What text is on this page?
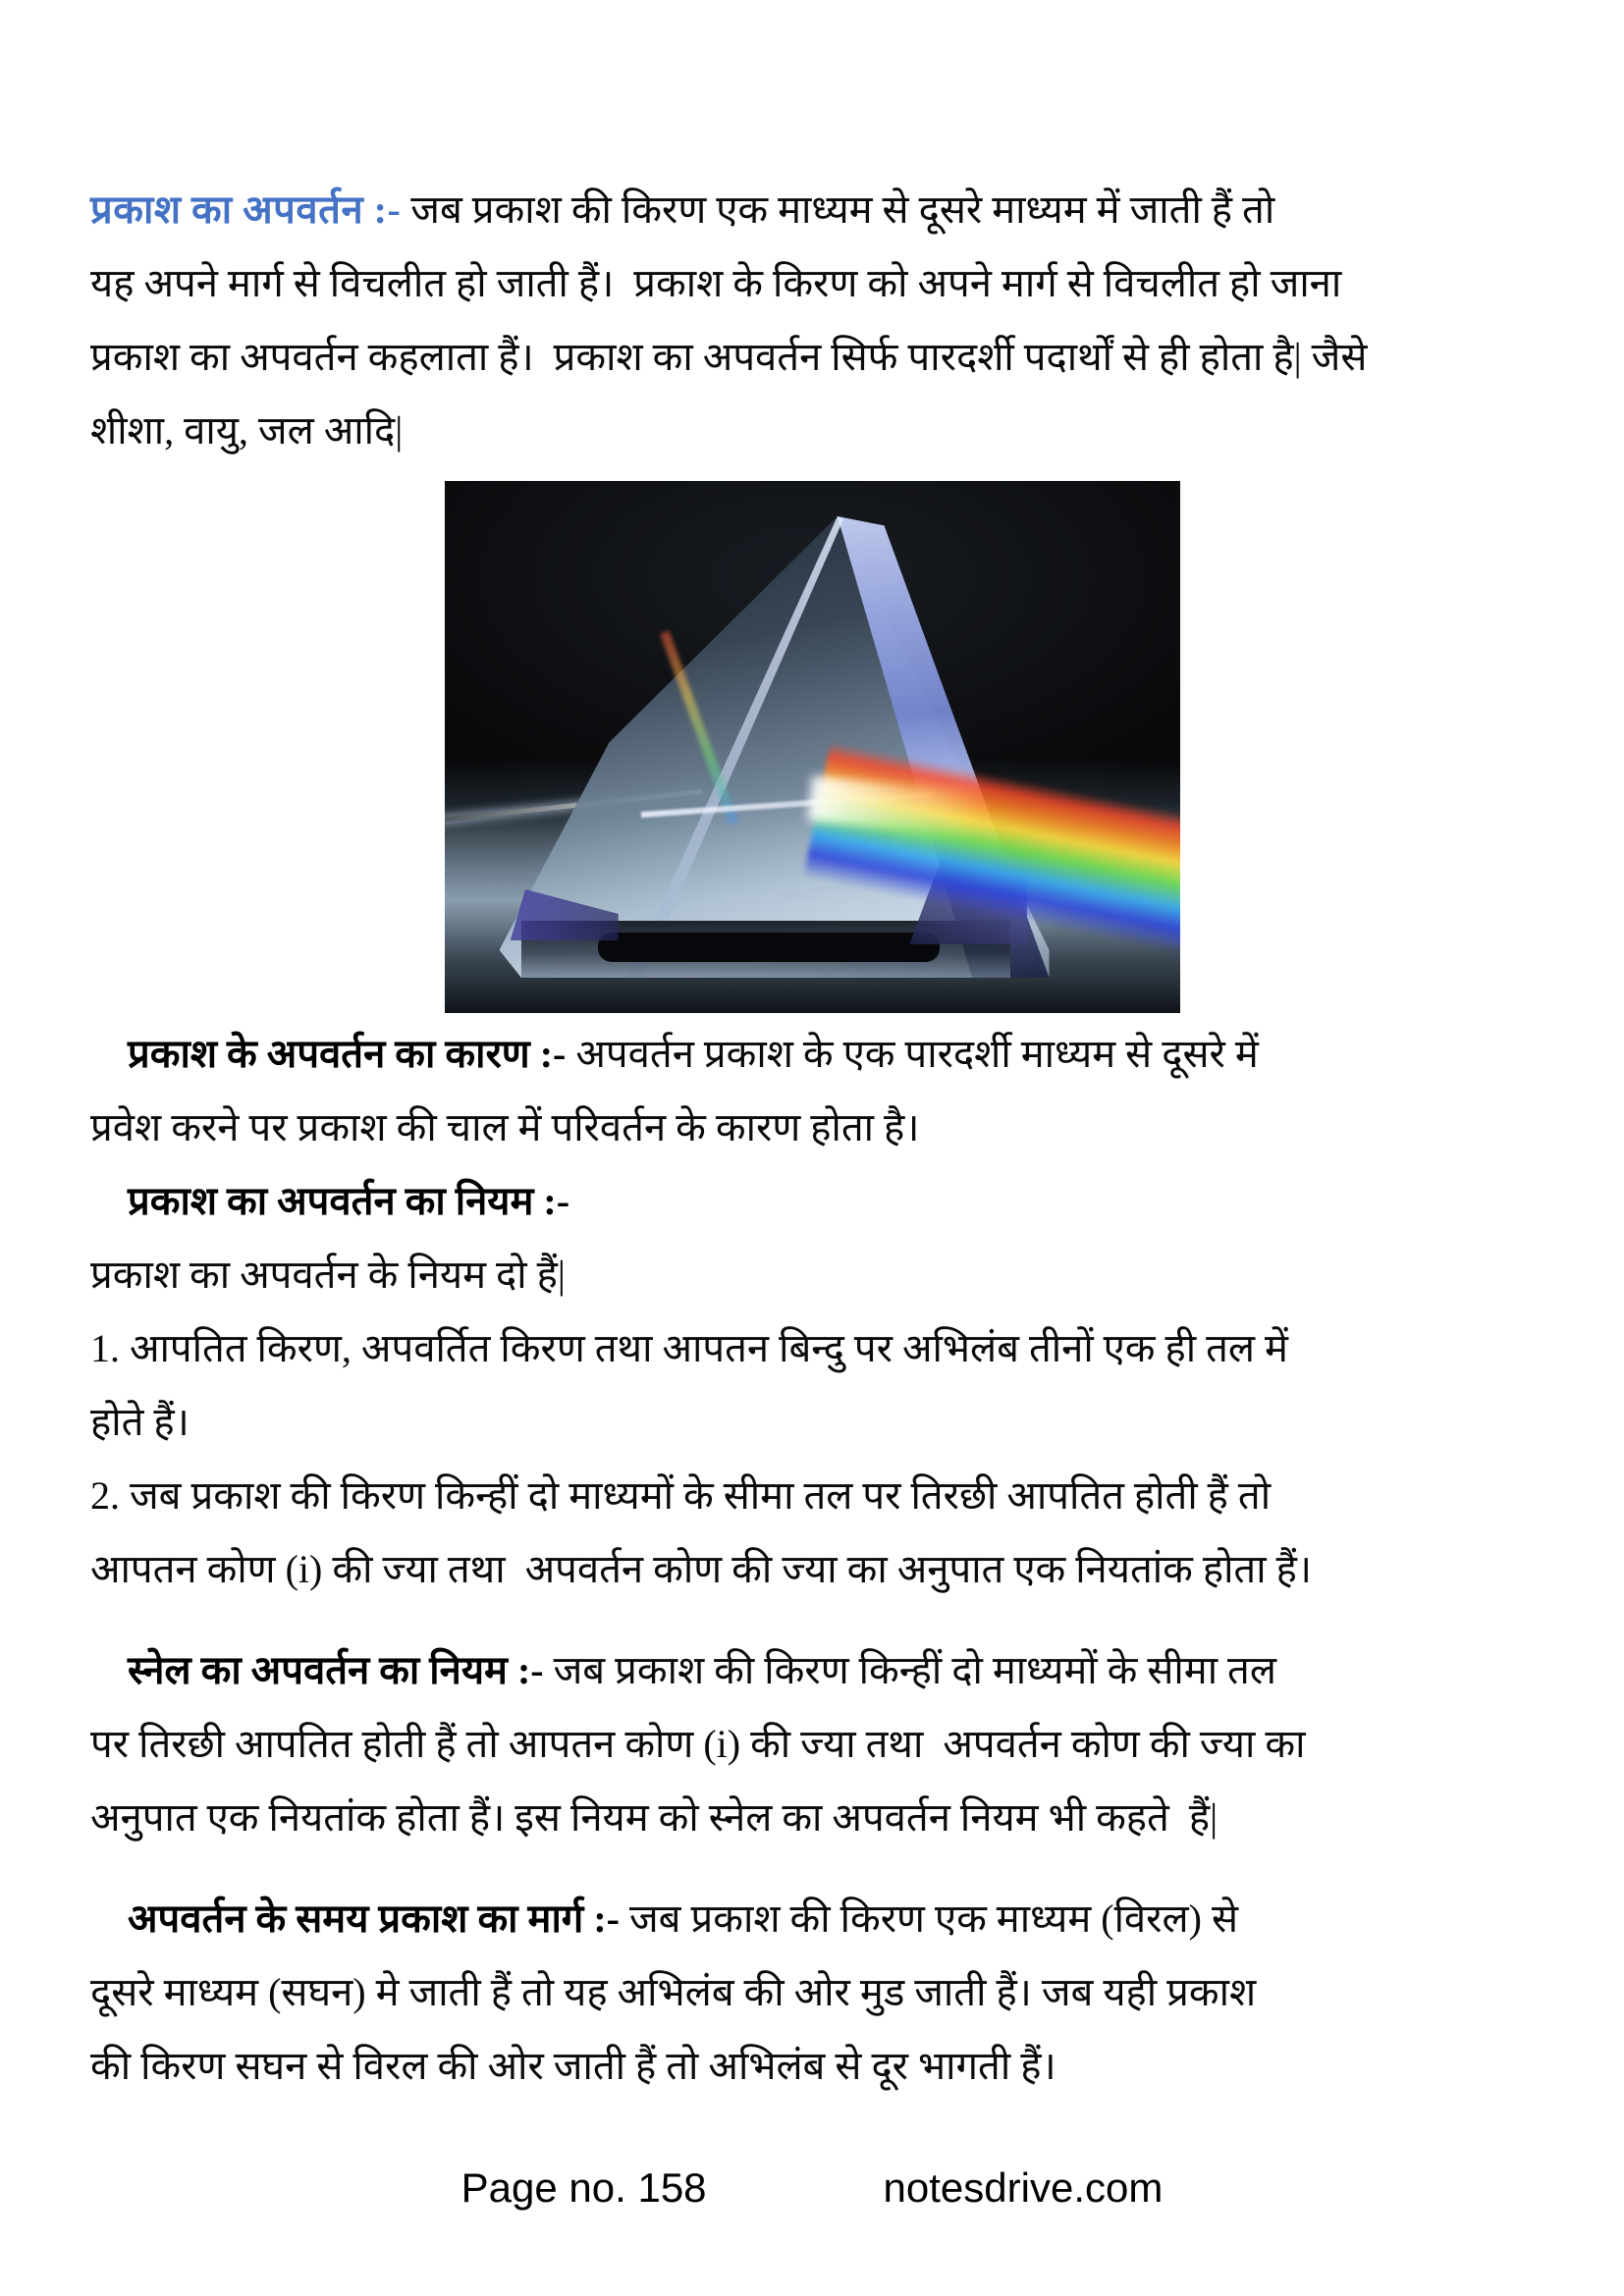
प्रकाश का अपवर्तन :- जब प्रकाश की किरण एक माध्यम से दूसरे माध्यम में जाती हैं तो
यह अपने मार्ग से विचलीत हो जाती हैं।  प्रकाश के किरण को अपने मार्ग से विचलीत हो जाना
प्रकाश का अपवर्तन कहलाता हैं।  प्रकाश का अपवर्तन सिर्फ पारदर्शी पदार्थों से ही होता है| जैसे
शीशा, वायु, जल आदि|
प्रकाश के अपवर्तन का कारण :- अपवर्तन प्रकाश के एक पारदर्शी माध्यम से दूसरे में
प्रवेश करने पर प्रकाश की चाल में परिवर्तन के कारण होता है।
प्रकाश का अपवर्तन का नियम :-
प्रकाश का अपवर्तन के नियम दो हैं|
1. आपतित किरण, अपवर्तित किरण तथा आपतन बिन्दु पर अभिलंब तीनों एक ही तल में
होते हैं।
2. जब प्रकाश की किरण किन्हीं दो माध्यमों के सीमा तल पर तिरछी आपतित होती हैं तो
आपतन कोण (i) की ज्या तथा  अपवर्तन कोण की ज्या का अनुपात एक नियतांक होता हैं।
स्नेल का अपवर्तन का नियम :- जब प्रकाश की किरण किन्हीं दो माध्यमों के सीमा तल
पर तिरछी आपतित होती हैं तो आपतन कोण (i) की ज्या तथा  अपवर्तन कोण की ज्या का
अनुपात एक नियतांक होता हैं। इस नियम को स्नेल का अपवर्तन नियम भी कहते  हैं|
अपवर्तन के समय प्रकाश का मार्ग :- जब प्रकाश की किरण एक माध्यम (विरल) से
दूसरे माध्यम (सघन) मे जाती हैं तो यह अभिलंब की ओर मुड जाती हैं। जब यही प्रकाश
की किरण सघन से विरल की ओर जाती हैं तो अभिलंब से दूर भागती हैं।
Page no. 158	notesdrive.com
